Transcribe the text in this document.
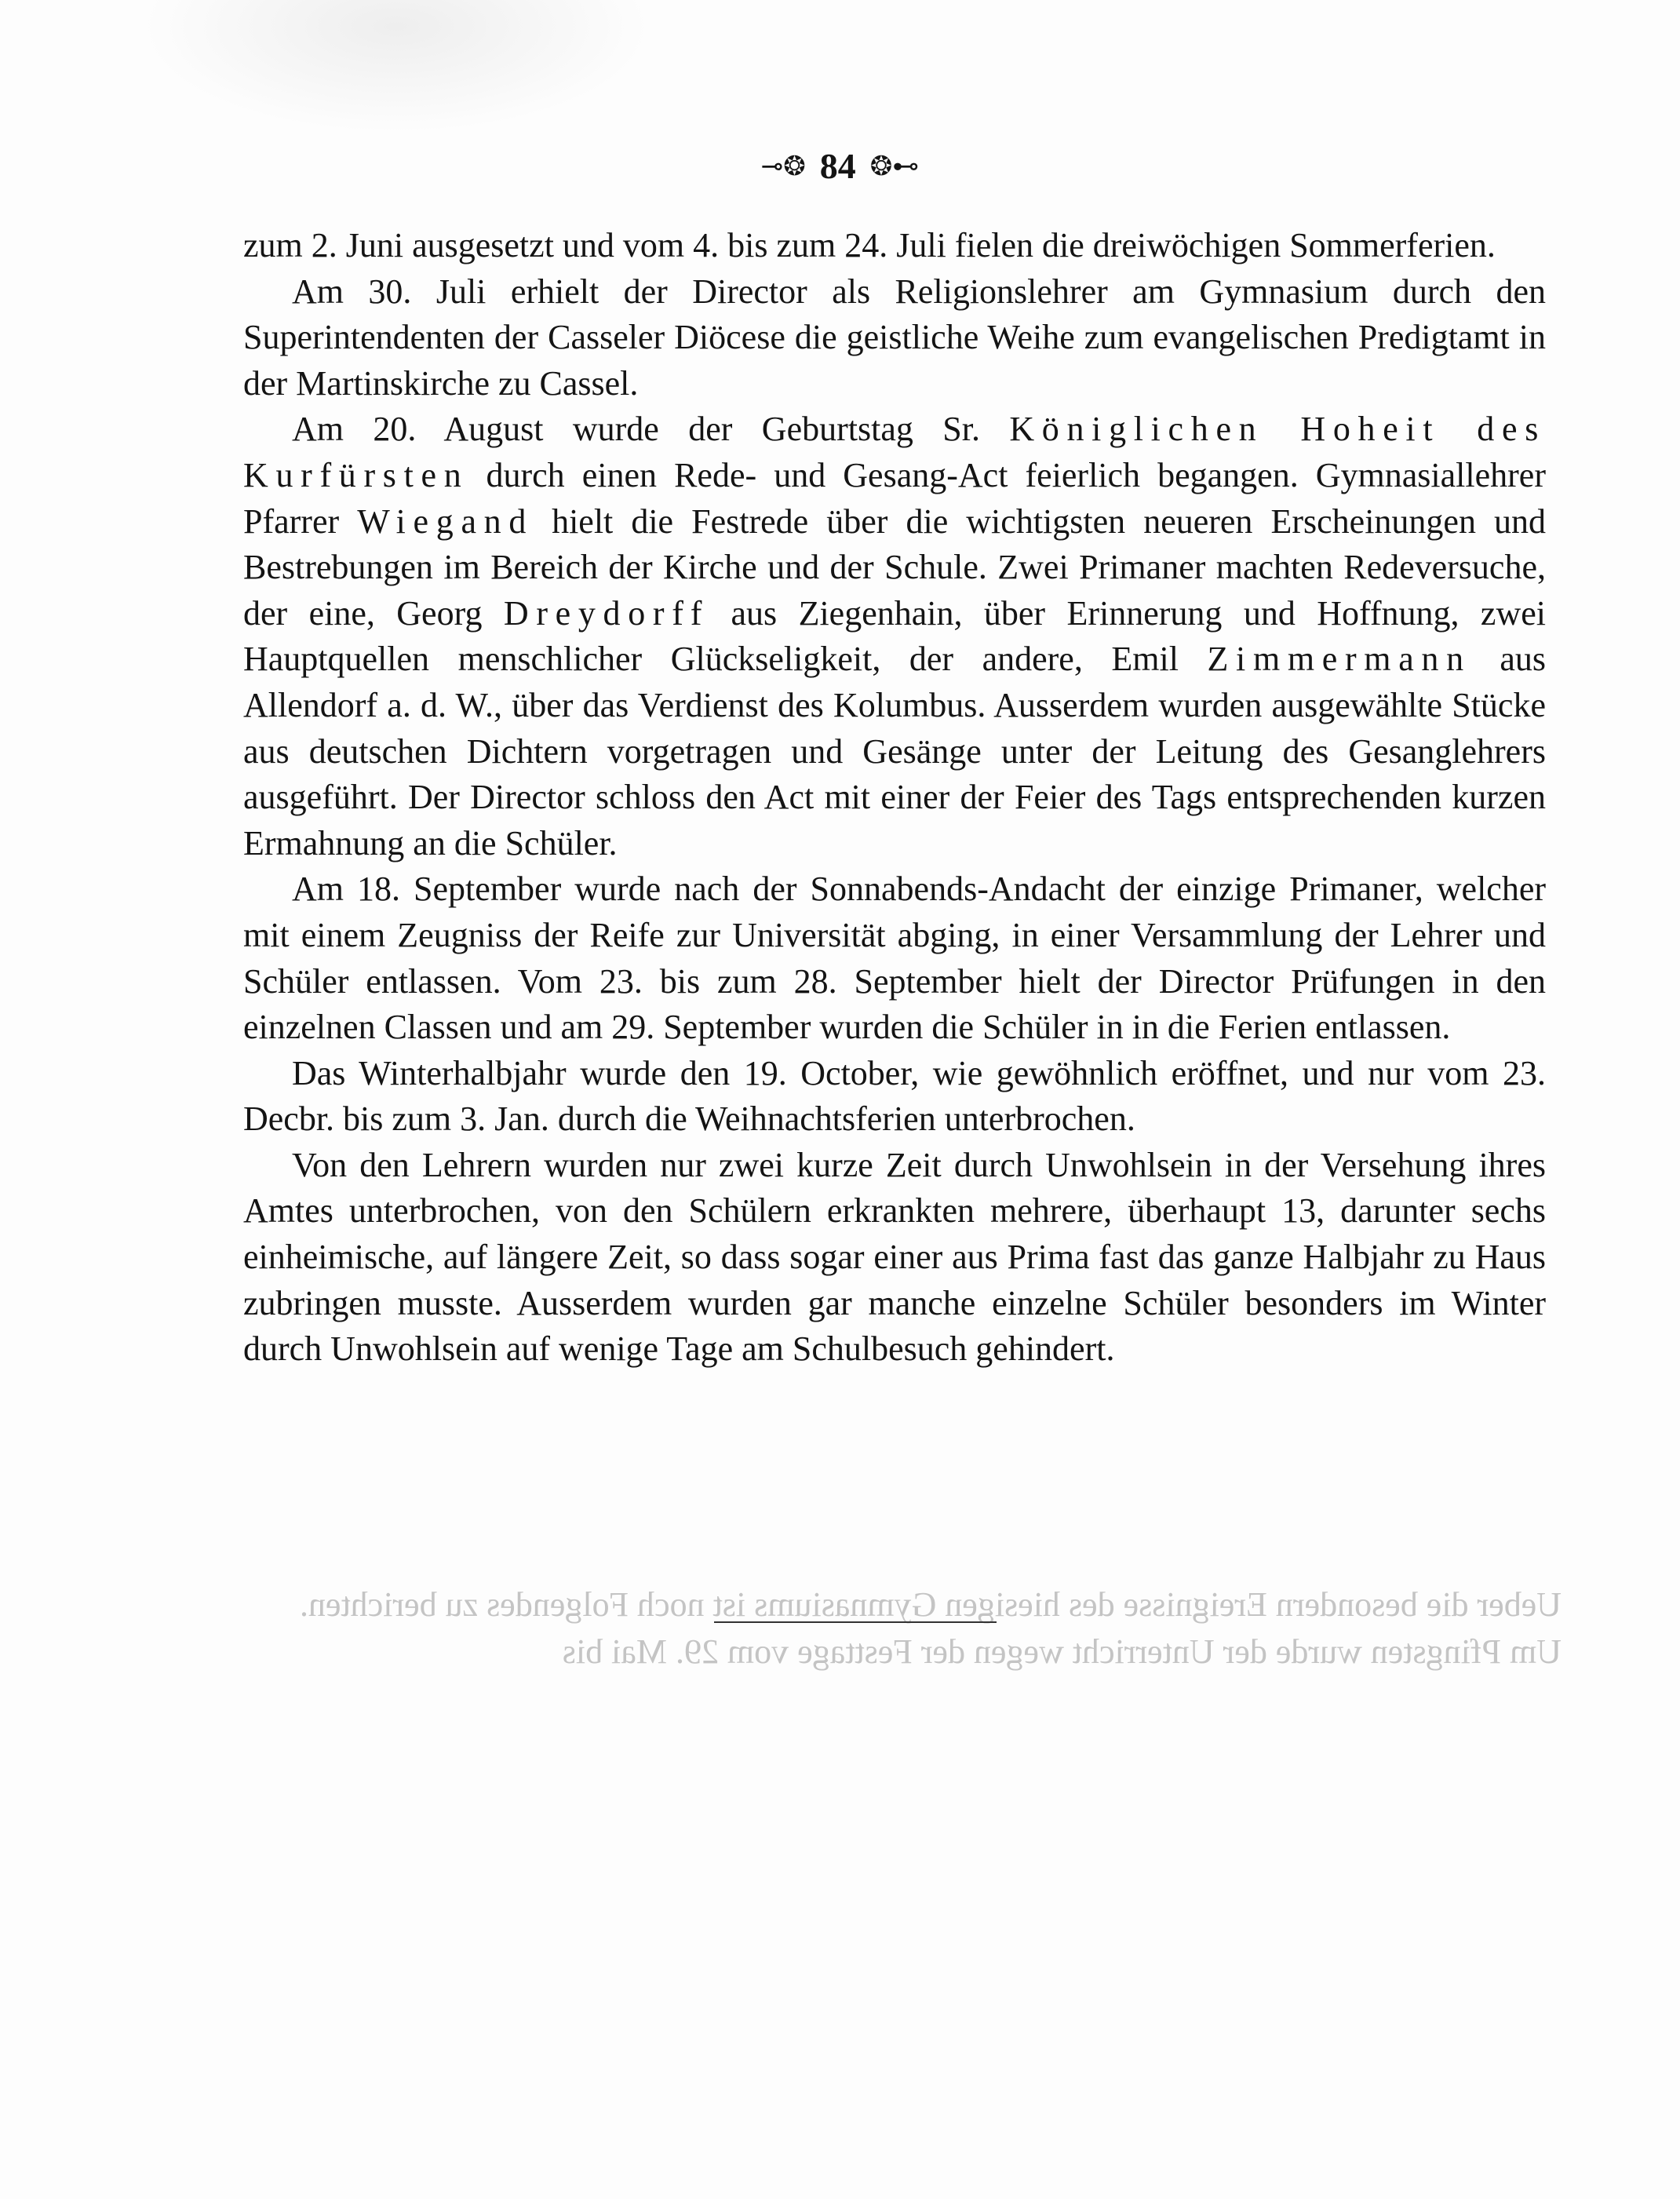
⊸❂ 84 ❂⊷

zum 2. Juni ausgesetzt und vom 4. bis zum 24. Juli fielen die dreiwöchigen Sommerferien.

Am 30. Juli erhielt der Director als Religionslehrer am Gymnasium durch den Superintendenten der Casseler Diöcese die geistliche Weihe zum evangelischen Predigtamt in der Martinskirche zu Cassel.

Am 20. August wurde der Geburtstag Sr. Königlichen Hoheit des Kurfürsten durch einen Rede- und Gesang-Act feierlich begangen. Gymnasiallehrer Pfarrer Wiegand hielt die Festrede über die wichtigsten neueren Erscheinungen und Bestrebungen im Bereich der Kirche und der Schule. Zwei Primaner machten Redeversuche, der eine, Georg Dreydorff aus Ziegenhain, über Erinnerung und Hoffnung, zwei Hauptquellen menschlicher Glückseligkeit, der andere, Emil Zimmermann aus Allendorf a. d. W., über das Verdienst des Kolumbus. Ausserdem wurden ausgewählte Stücke aus deutschen Dichtern vorgetragen und Gesänge unter der Leitung des Gesanglehrers ausgeführt. Der Director schloss den Act mit einer der Feier des Tags entsprechenden kurzen Ermahnung an die Schüler.

Am 18. September wurde nach der Sonnabends-Andacht der einzige Primaner, welcher mit einem Zeugniss der Reife zur Universität abging, in einer Versammlung der Lehrer und Schüler entlassen. Vom 23. bis zum 28. September hielt der Director Prüfungen in den einzelnen Classen und am 29. September wurden die Schüler in in die Ferien entlassen.

Das Winterhalbjahr wurde den 19. October, wie gewöhnlich eröffnet, und nur vom 23. Decbr. bis zum 3. Jan. durch die Weihnachtsferien unterbrochen.

Von den Lehrern wurden nur zwei kurze Zeit durch Unwohlsein in der Versehung ihres Amtes unterbrochen, von den Schülern erkrankten mehrere, überhaupt 13, darunter sechs einheimische, auf längere Zeit, so dass sogar einer aus Prima fast das ganze Halbjahr zu Haus zubringen musste. Ausserdem wurden gar manche einzelne Schüler besonders im Winter durch Unwohlsein auf wenige Tage am Schulbesuch gehindert.

Ueber die besondern Ereignisse des hiesigen Gymnasiums ist noch Folgendes zu berichten.

Um Pfingsten wurde der Unterricht wegen der Festtage vom 29. Mai bis
